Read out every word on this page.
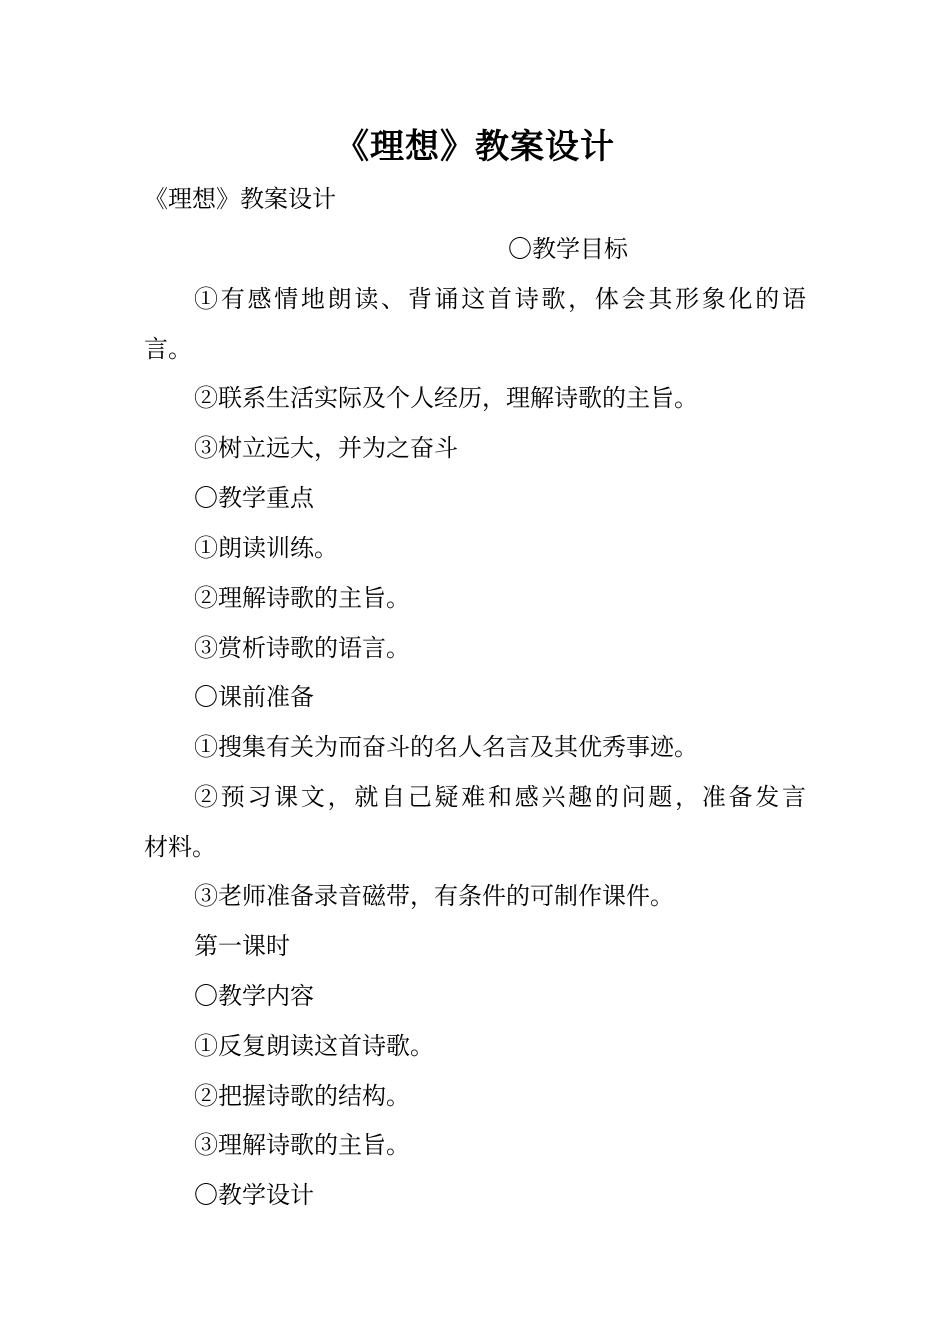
《理想》教案设计
《理想》教案设计
〇教学目标
①有感情地朗读、背诵这首诗歌，体会其形象化的语
言。
②联系生活实际及个人经历，理解诗歌的主旨。
③树立远大，并为之奋斗
〇教学重点
①朗读训练。
②理解诗歌的主旨。
③赏析诗歌的语言。
〇课前准备
①搜集有关为而奋斗的名人名言及其优秀事迹。
②预习课文，就自己疑难和感兴趣的问题，准备发言
材料。
③老师准备录音磁带，有条件的可制作课件。
第一课时
〇教学内容
①反复朗读这首诗歌。
②把握诗歌的结构。
③理解诗歌的主旨。
〇教学设计
